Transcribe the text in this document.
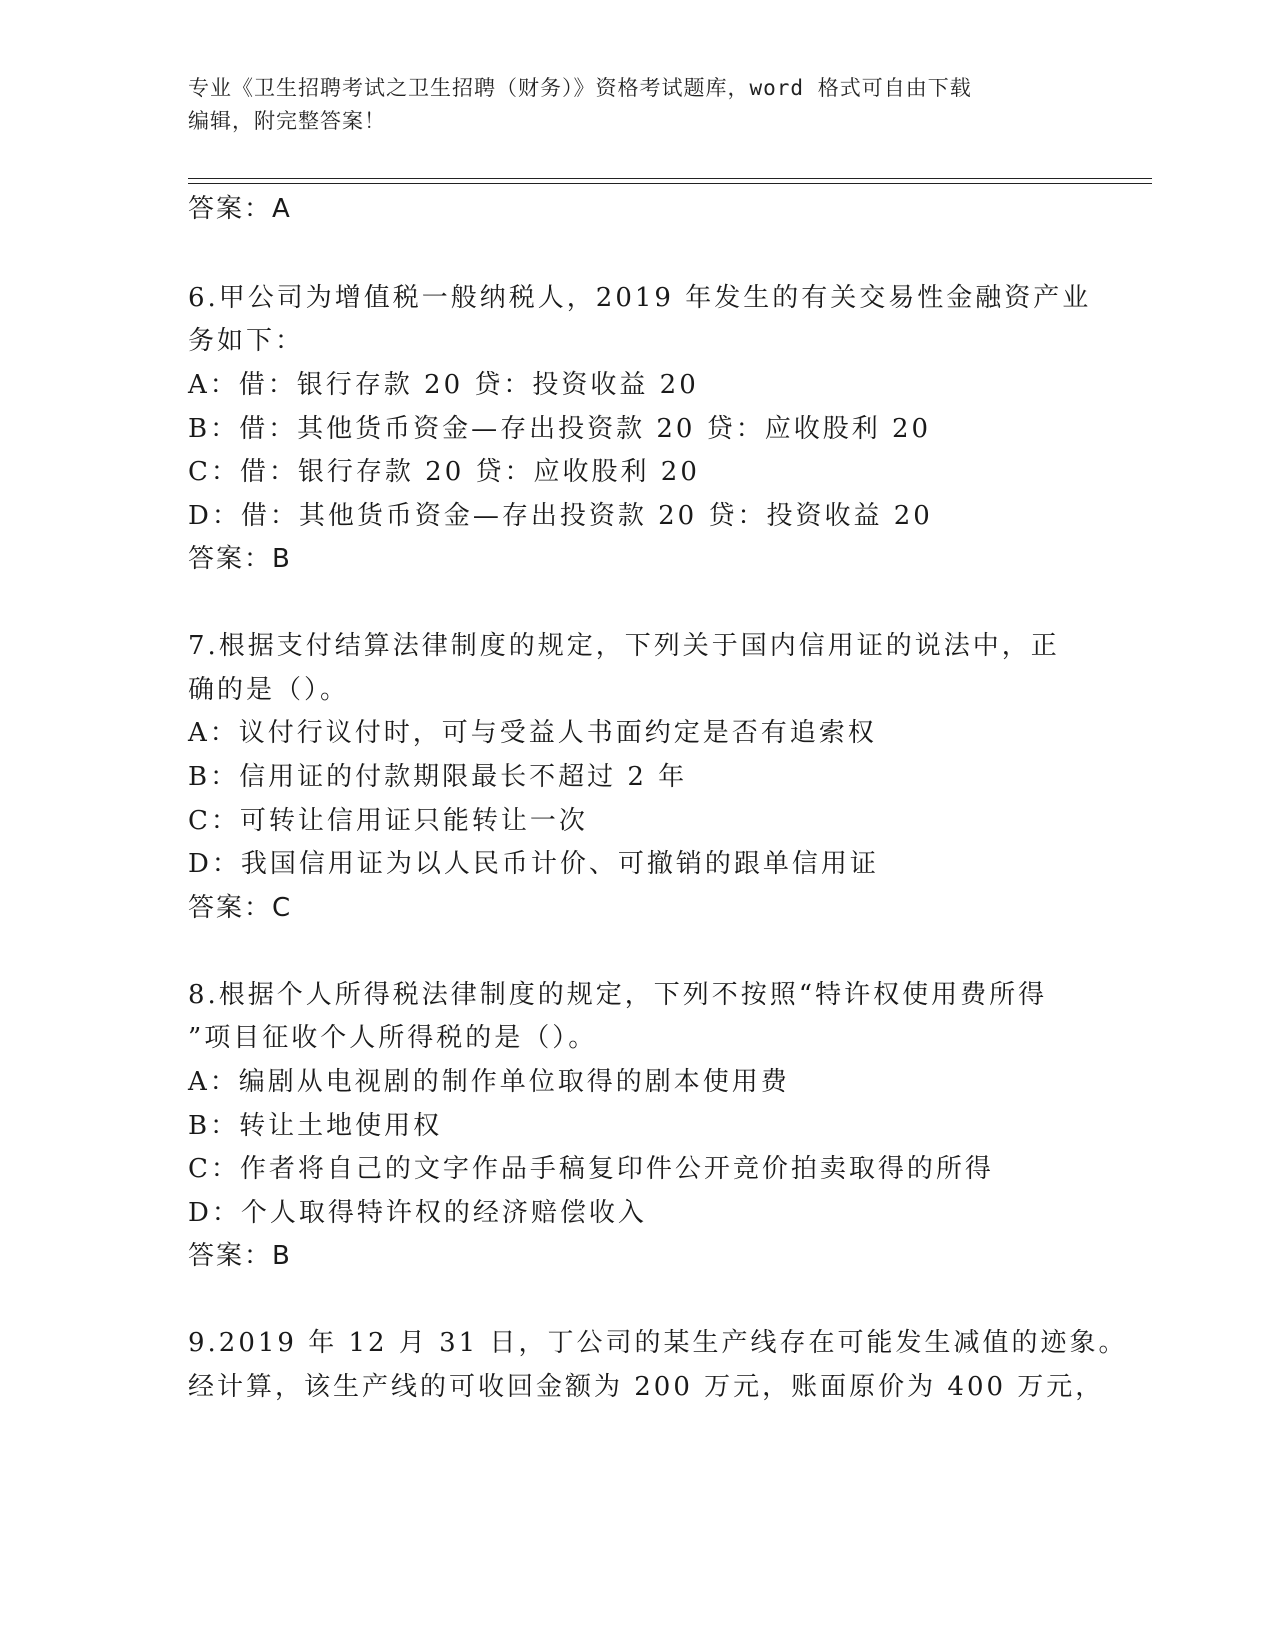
专业《卫生招聘考试之卫生招聘（财务）》资格考试题库，word 格式可自由下载
编辑，附完整答案！
答案：A
6.甲公司为增值税一般纳税人，2019 年发生的有关交易性金融资产业
务如下：
A：借：银行存款 20 贷：投资收益 20
B：借：其他货币资金—存出投资款 20 贷：应收股利 20
C：借：银行存款 20 贷：应收股利 20
D：借：其他货币资金—存出投资款 20 贷：投资收益 20
答案：B
7.根据支付结算法律制度的规定，下列关于国内信用证的说法中，正
确的是（）。
A：议付行议付时，可与受益人书面约定是否有追索权
B：信用证的付款期限最长不超过 2 年
C：可转让信用证只能转让一次
D：我国信用证为以人民币计价、可撤销的跟单信用证
答案：C
8.根据个人所得税法律制度的规定，下列不按照“特许权使用费所得
”项目征收个人所得税的是（）。
A：编剧从电视剧的制作单位取得的剧本使用费
B：转让土地使用权
C：作者将自己的文字作品手稿复印件公开竞价拍卖取得的所得
D：个人取得特许权的经济赔偿收入
答案：B
9.2019 年 12 月 31 日，丁公司的某生产线存在可能发生减值的迹象。
经计算，该生产线的可收回金额为 200 万元，账面原价为 400 万元，
